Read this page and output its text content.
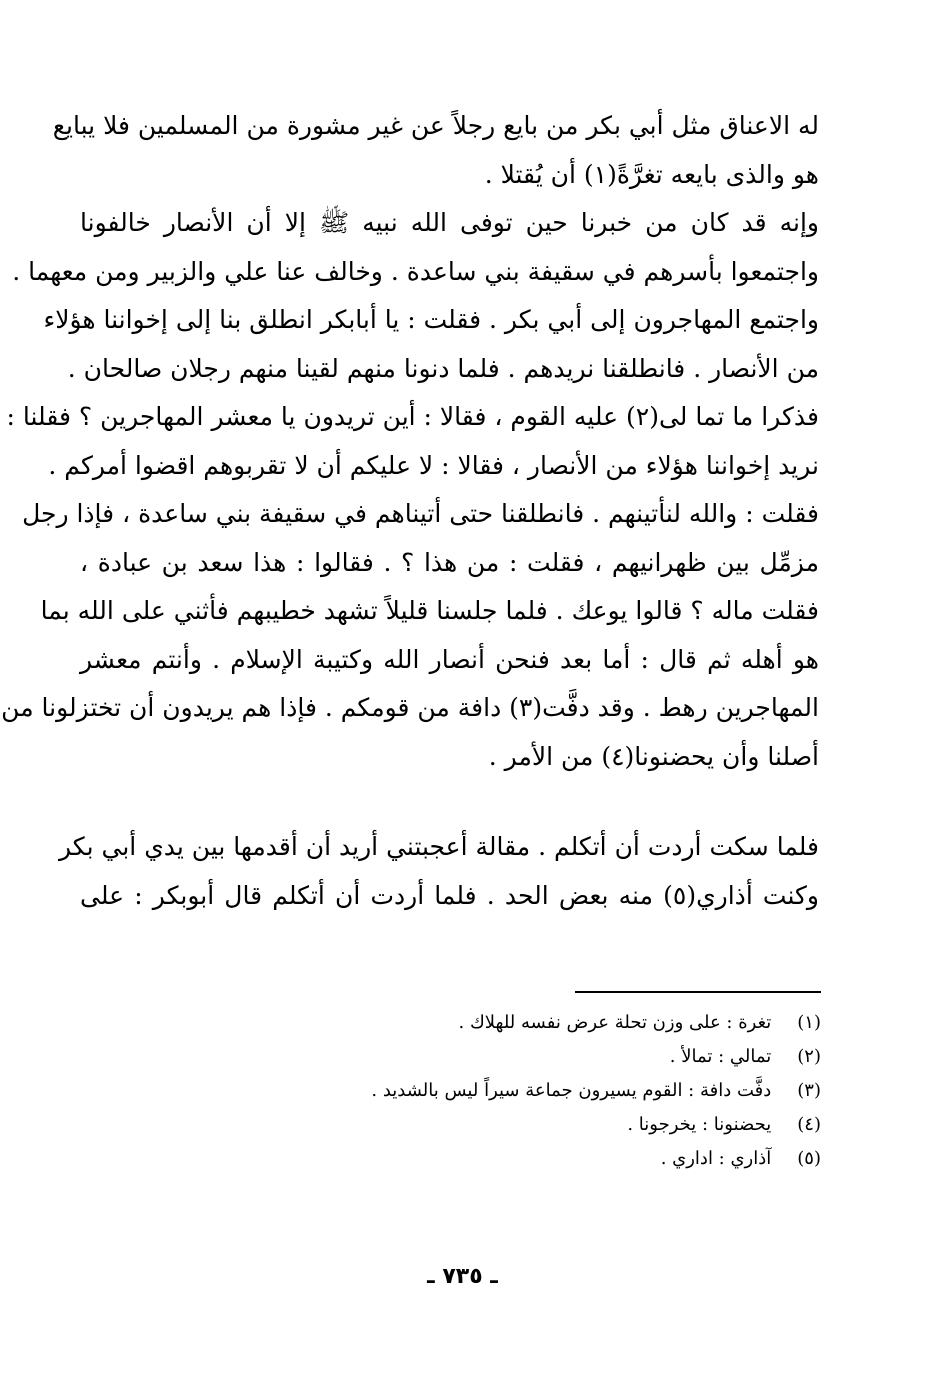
له الاعناق مثل أبي بكر من بايع رجلاً عن غير مشورة من المسلمين فلا يبايع
هو والذى بايعه تغرَّةً(١) أن يُقتلا .
وإنه قد كان من خبرنا حين توفى الله نبيه ﷺ إلا أن الأنصار خالفونا
واجتمعوا بأسرهم في سقيفة بني ساعدة . وخالف عنا علي والزبير ومن معهما .
واجتمع المهاجرون إلى أبي بكر . فقلت : يا أبابكر انطلق بنا إلى إخواننا هؤلاء
من الأنصار . فانطلقنا نريدهم . فلما دنونا منهم لقينا منهم رجلان صالحان .
فذكرا ما تما لى(٢) عليه القوم ، فقالا : أين تريدون يا معشر المهاجرين ؟ فقلنا :
نريد إخواننا هؤلاء من الأنصار ، فقالا : لا عليكم أن لا تقربوهم اقضوا أمركم .
فقلت : والله لنأتينهم . فانطلقنا حتى أتيناهم في سقيفة بني ساعدة ، فإذا رجل
مزمِّل بين ظهرانيهم ، فقلت : من هذا ؟ . فقالوا : هذا سعد بن عبادة ،
فقلت ماله ؟ قالوا يوعك . فلما جلسنا قليلاً تشهد خطيبهم فأثني على الله بما
هو أهله ثم قال : أما بعد فنحن أنصار الله وكتيبة الإسلام . وأنتم معشر
المهاجرين رهط . وقد دفَّت(٣) دافة من قومكم . فإذا هم يريدون أن تختزلونا من
أصلنا وأن يحضنونا(٤) من الأمر .
فلما سكت أردت أن أتكلم . مقالة أعجبتني أريد أن أقدمها بين يدي أبي بكر
وكنت أذاري(٥) منه بعض الحد . فلما أردت أن أتكلم قال أبوبكر : على
(١) تغرة : على وزن تحلة عرض نفسه للهلاك .
(٢) تمالي : تمالأ .
(٣) دفَّت دافة : القوم يسيرون جماعة سيراً ليس بالشديد .
(٤) يحضنونا : يخرجونا .
(٥) آذاري : اداري .
ـ ٧٣٥ ـ
